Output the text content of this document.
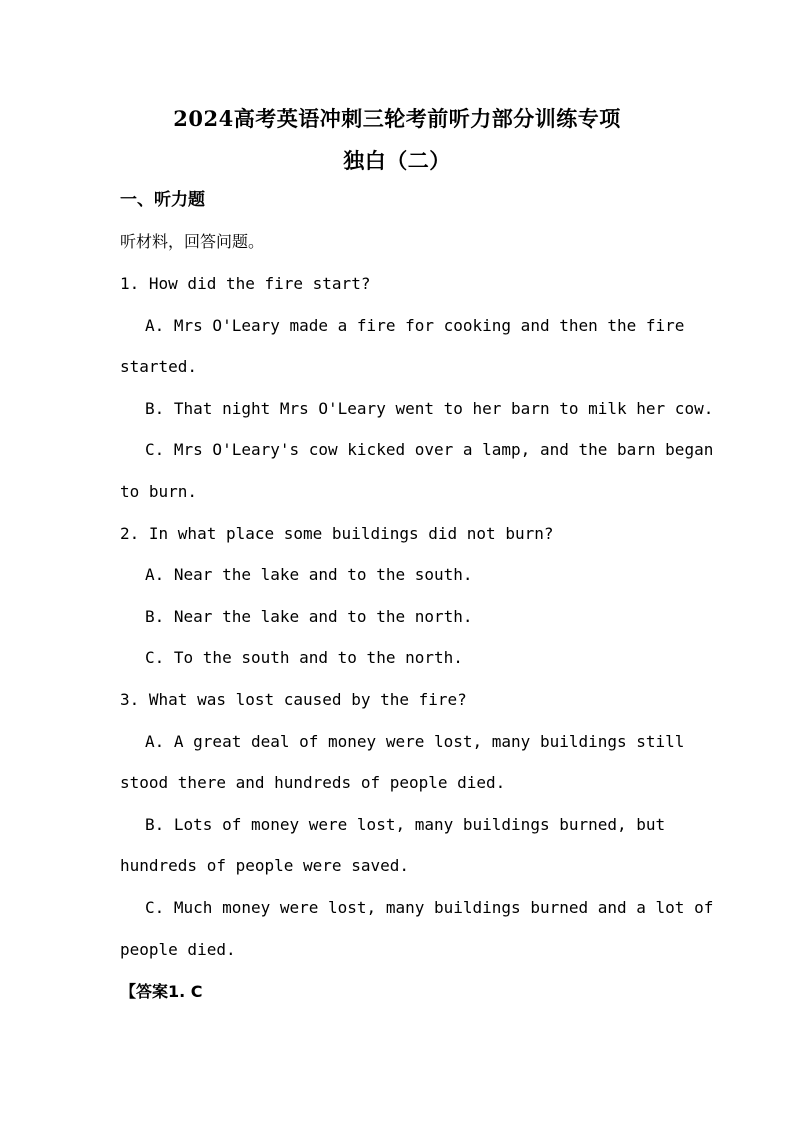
2024高考英语冲刺三轮考前听力部分训练专项
独白（二）
一、听力题
听材料，回答问题。
1. How did the fire start?
A. Mrs O'Leary made a fire for cooking and then the fire
started.
B. That night Mrs O'Leary went to her barn to milk her cow.
C. Mrs O'Leary's cow kicked over a lamp, and the barn began
to burn.
2. In what place some buildings did not burn?
A. Near the lake and to the south.
B. Near the lake and to the north.
C. To the south and to the north.
3. What was lost caused by the fire?
A. A great deal of money were lost, many buildings still
stood there and hundreds of people died.
B. Lots of money were lost, many buildings burned, but
hundreds of people were saved.
C. Much money were lost, many buildings burned and a lot of
people died.
【答案1. C
